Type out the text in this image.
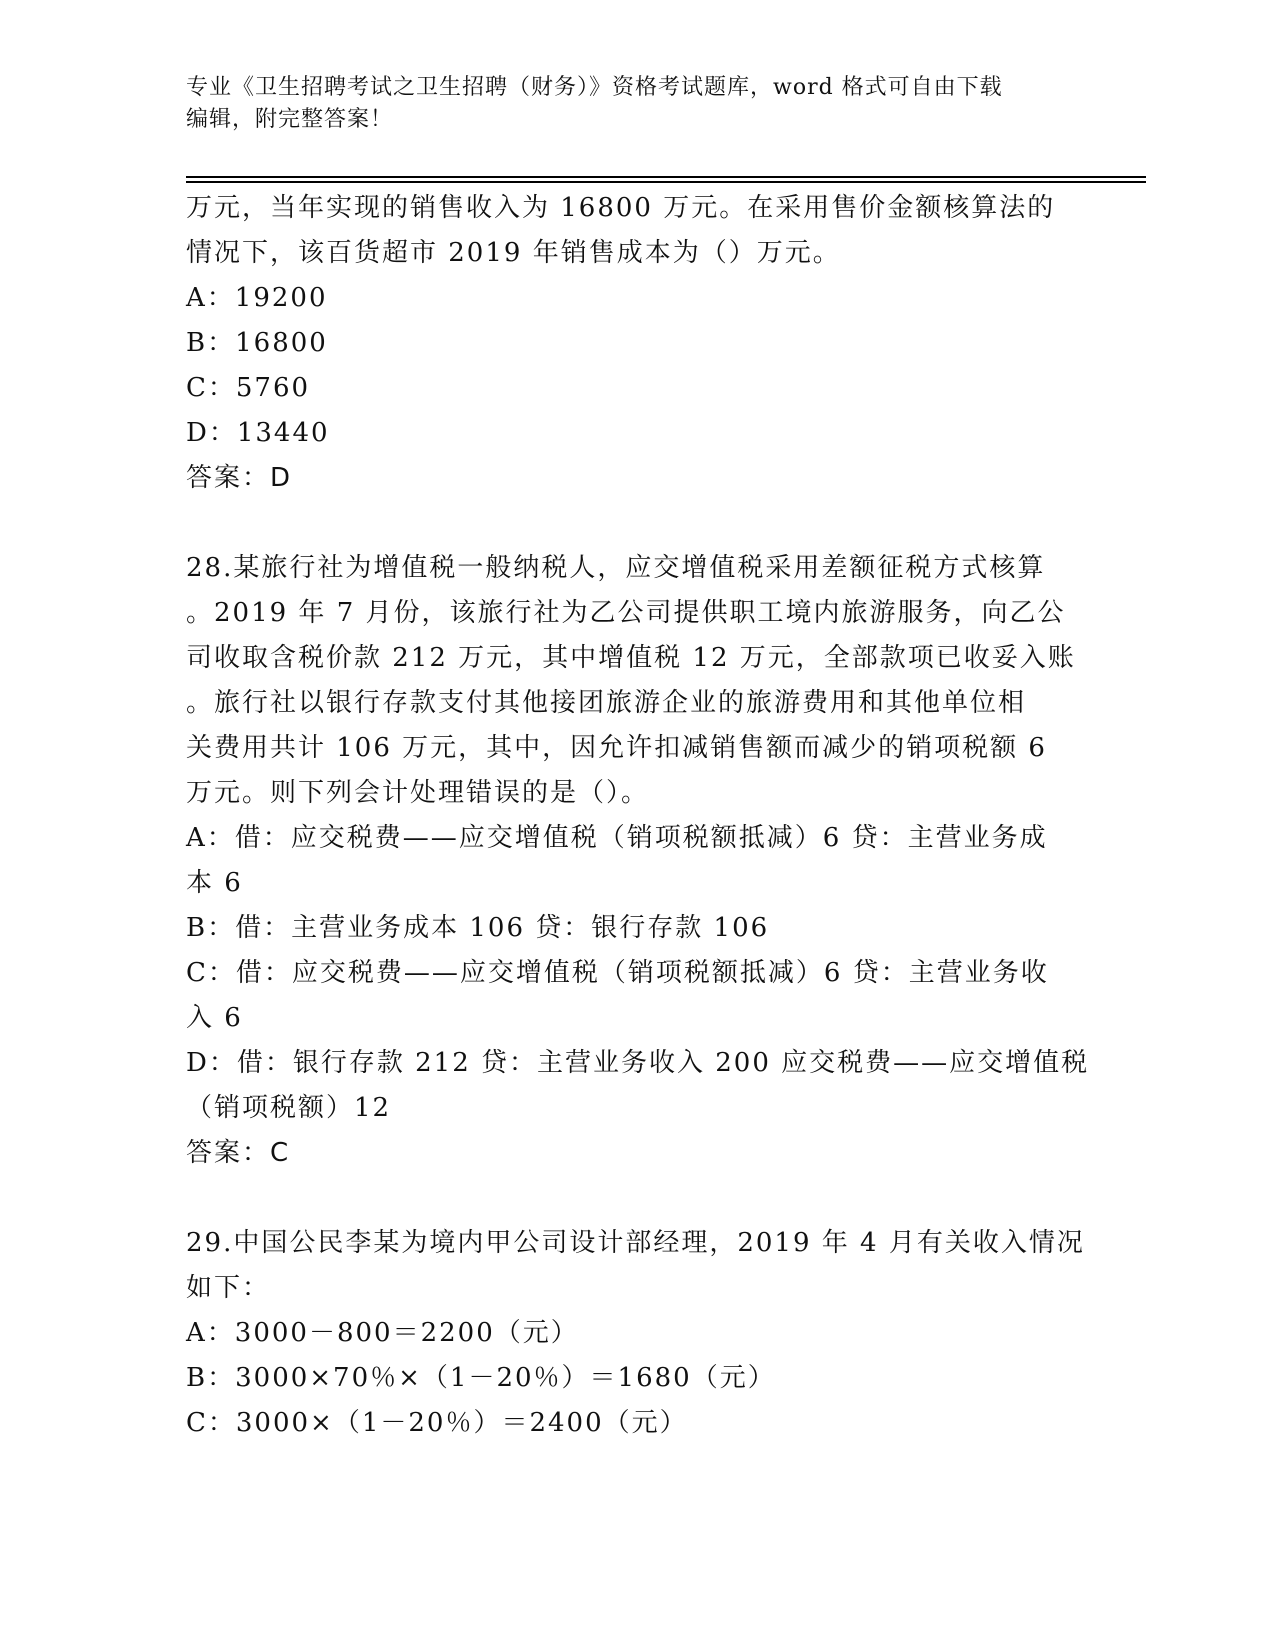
专业《卫生招聘考试之卫生招聘（财务）》资格考试题库，word 格式可自由下载
编辑，附完整答案！
万元，当年实现的销售收入为 16800 万元。在采用售价金额核算法的
情况下，该百货超市 2019 年销售成本为（）万元。
A：19200
B：16800
C：5760
D：13440
答案：D
28.某旅行社为增值税一般纳税人，应交增值税采用差额征税方式核算
。2019 年 7 月份，该旅行社为乙公司提供职工境内旅游服务，向乙公
司收取含税价款 212 万元，其中增值税 12 万元，全部款项已收妥入账
。旅行社以银行存款支付其他接团旅游企业的旅游费用和其他单位相
关费用共计 106 万元，其中，因允许扣减销售额而减少的销项税额 6
万元。则下列会计处理错误的是（）。
A：借：应交税费——应交增值税（销项税额抵减）6 贷：主营业务成
本 6
B：借：主营业务成本 106 贷：银行存款 106
C：借：应交税费——应交增值税（销项税额抵减）6 贷：主营业务收
入 6
D：借：银行存款 212 贷：主营业务收入 200 应交税费——应交增值税
（销项税额）12
答案：C
29.中国公民李某为境内甲公司设计部经理，2019 年 4 月有关收入情况
如下：
A：3000－800＝2200（元）
B：3000×70％×（1－20％）＝1680（元）
C：3000×（1－20％）＝2400（元）
